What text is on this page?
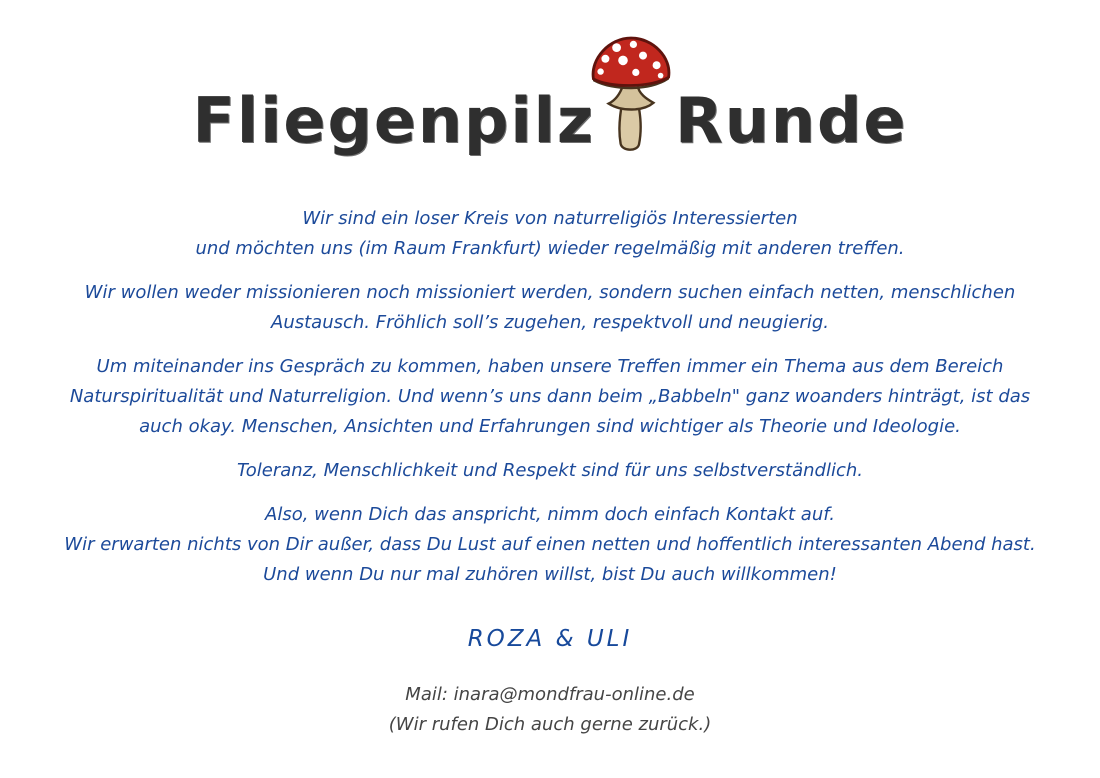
Fliegenpilz Runde

Wir sind ein loser Kreis von naturreligiös Interessierten
und möchten uns (im Raum Frankfurt) wieder regelmäßig mit anderen treffen.

Wir wollen weder missionieren noch missioniert werden, sondern suchen einfach netten, menschlichen
Austausch. Fröhlich soll’s zugehen, respektvoll und neugierig.

Um miteinander ins Gespräch zu kommen, haben unsere Treffen immer ein Thema aus dem Bereich
Naturspiritualität und Naturreligion. Und wenn’s uns dann beim „Babbeln" ganz woanders hinträgt, ist das
auch okay. Menschen, Ansichten und Erfahrungen sind wichtiger als Theorie und Ideologie.

Toleranz, Menschlichkeit und Respekt sind für uns selbstverständlich.

Also, wenn Dich das anspricht, nimm doch einfach Kontakt auf.
Wir erwarten nichts von Dir außer, dass Du Lust auf einen netten und hoffentlich interessanten Abend hast.
Und wenn Du nur mal zuhören willst, bist Du auch willkommen!

ROZA & ULI
Mail: inara@mondfrau-online.de
(Wir rufen Dich auch gerne zurück.)
